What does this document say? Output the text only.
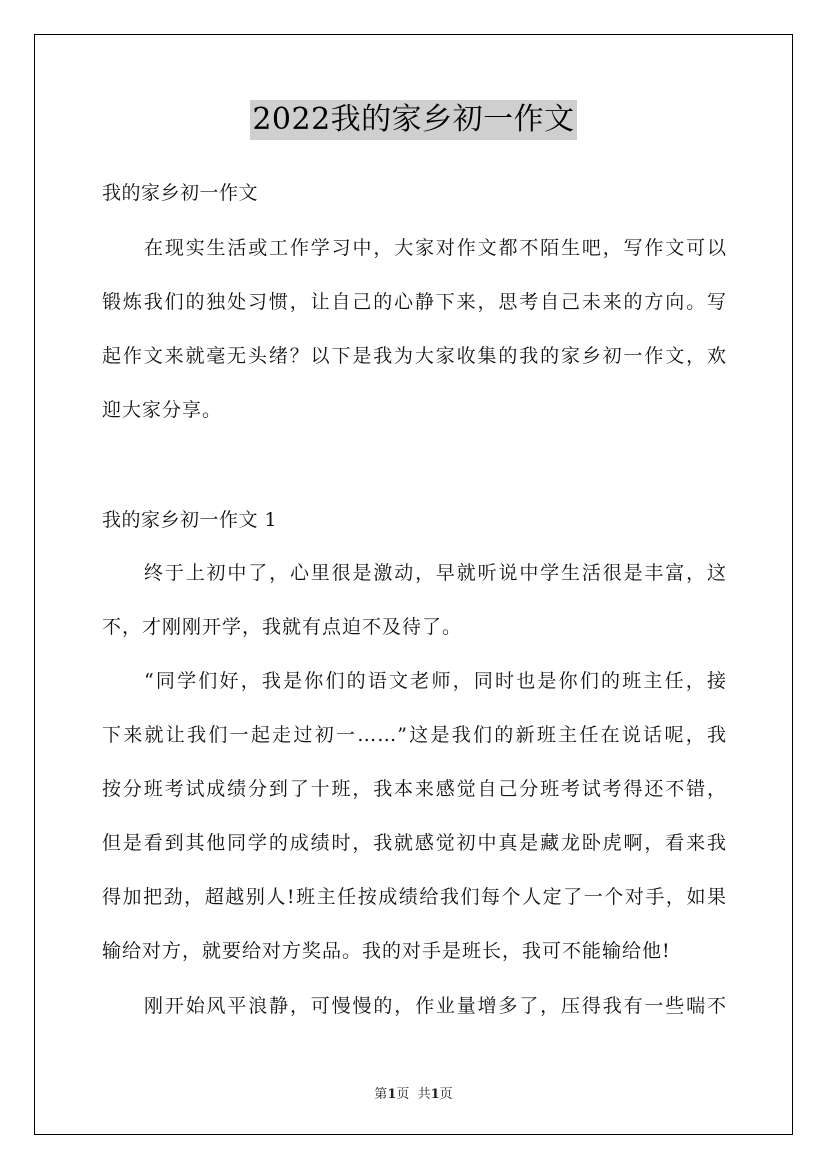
2022我的家乡初一作文
我的家乡初一作文
在现实生活或工作学习中，大家对作文都不陌生吧，写作文可以
锻炼我们的独处习惯，让自己的心静下来，思考自己未来的方向。写
起作文来就毫无头绪？以下是我为大家收集的我的家乡初一作文，欢
迎大家分享。
我的家乡初一作文 1
终于上初中了，心里很是激动，早就听说中学生活很是丰富，这
不，才刚刚开学，我就有点迫不及待了。
“同学们好，我是你们的语文老师，同时也是你们的班主任，接
下来就让我们一起走过初一……”这是我们的新班主任在说话呢，我
按分班考试成绩分到了十班，我本来感觉自己分班考试考得还不错，
但是看到其他同学的成绩时，我就感觉初中真是藏龙卧虎啊，看来我
得加把劲，超越别人!班主任按成绩给我们每个人定了一个对手，如果
输给对方，就要给对方奖品。我的对手是班长，我可不能输给他!
刚开始风平浪静，可慢慢的，作业量增多了，压得我有一些喘不
第1页  共1页
